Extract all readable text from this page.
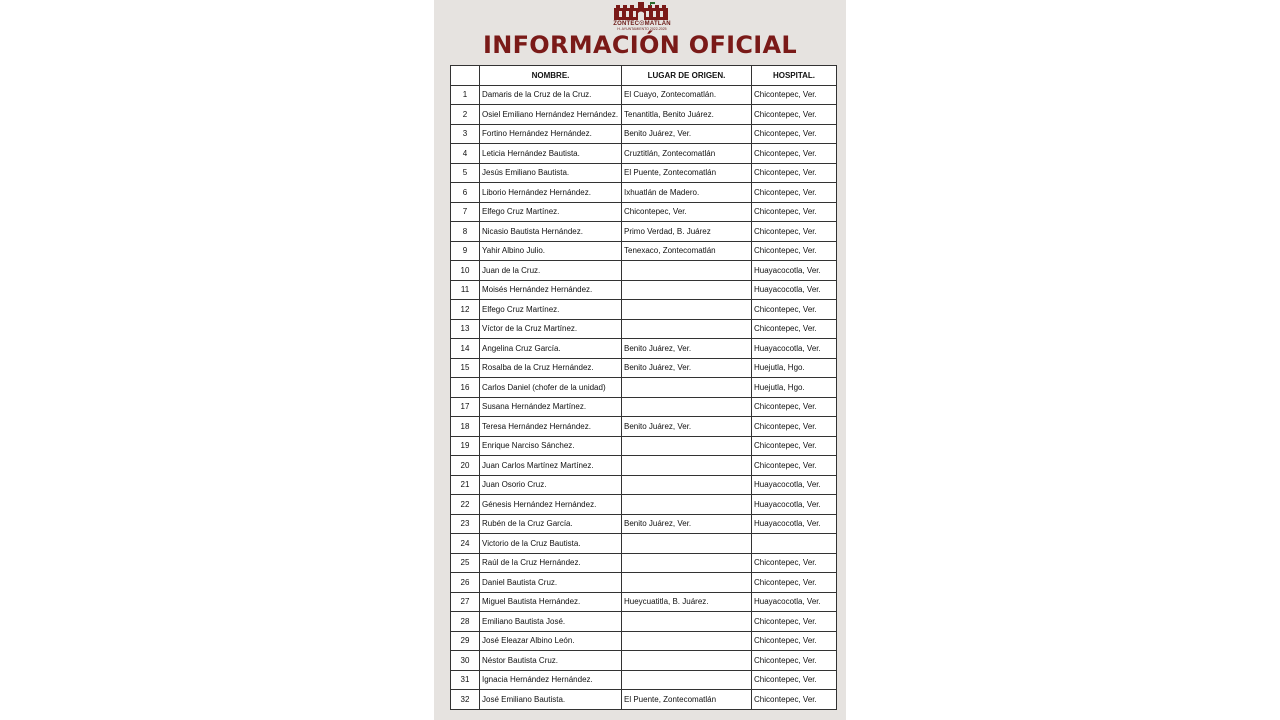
ZONTEC☉MATLÁN
H. AYUNTAMIENTO 2022-2025
INFORMACIÓN OFICIAL
	NOMBRE.	LUGAR DE ORIGEN.	HOSPITAL.
1	Damaris de la Cruz de la Cruz.	El Cuayo, Zontecomatlán.	Chicontepec, Ver.
2	Osiel Emiliano Hernández Hernández.	Tenantitla, Benito Juárez.	Chicontepec, Ver.
3	Fortino Hernández Hernández.	Benito Juárez, Ver.	Chicontepec, Ver.
4	Leticia Hernández Bautista.	Cruztitlán, Zontecomatlán	Chicontepec, Ver.
5	Jesús Emiliano Bautista.	El Puente, Zontecomatlán	Chicontepec, Ver.
6	Liborio Hernández Hernández.	Ixhuatlán de Madero.	Chicontepec, Ver.
7	Elfego Cruz Martínez.	Chicontepec, Ver.	Chicontepec, Ver.
8	Nicasio Bautista Hernández.	Primo Verdad, B. Juárez	Chicontepec, Ver.
9	Yahir Albino Julio.	Tenexaco, Zontecomatlán	Chicontepec, Ver.
10	Juan de la Cruz.		Huayacocotla, Ver.
11	Moisés Hernández Hernández.		Huayacocotla, Ver.
12	Elfego Cruz Martínez.		Chicontepec, Ver.
13	Víctor de la Cruz Martínez.		Chicontepec, Ver.
14	Angelina Cruz García.	Benito Juárez, Ver.	Huayacocotla, Ver.
15	Rosalba de la Cruz Hernández.	Benito Juárez, Ver.	Huejutla, Hgo.
16	Carlos Daniel (chofer de la unidad)		Huejutla, Hgo.
17	Susana Hernández Martínez.		Chicontepec, Ver.
18	Teresa Hernández Hernández.	Benito Juárez, Ver.	Chicontepec, Ver.
19	Enrique Narciso Sánchez.		Chicontepec, Ver.
20	Juan Carlos Martínez Martínez.		Chicontepec, Ver.
21	Juan Osorio Cruz.		Huayacocotla, Ver.
22	Génesis Hernández Hernández.		Huayacocotla, Ver.
23	Rubén de la Cruz García.	Benito Juárez, Ver.	Huayacocotla, Ver.
24	Victorio de la Cruz Bautista.		
25	Raúl de la Cruz Hernández.		Chicontepec, Ver.
26	Daniel Bautista Cruz.		Chicontepec, Ver.
27	Miguel Bautista Hernández.	Hueycuatitla, B. Juárez.	Huayacocotla, Ver.
28	Emiliano Bautista José.		Chicontepec, Ver.
29	José Eleazar Albino León.		Chicontepec, Ver.
30	Néstor Bautista Cruz.		Chicontepec, Ver.
31	Ignacia Hernández Hernández.		Chicontepec, Ver.
32	José Emiliano Bautista.	El Puente, Zontecomatlán	Chicontepec, Ver.
